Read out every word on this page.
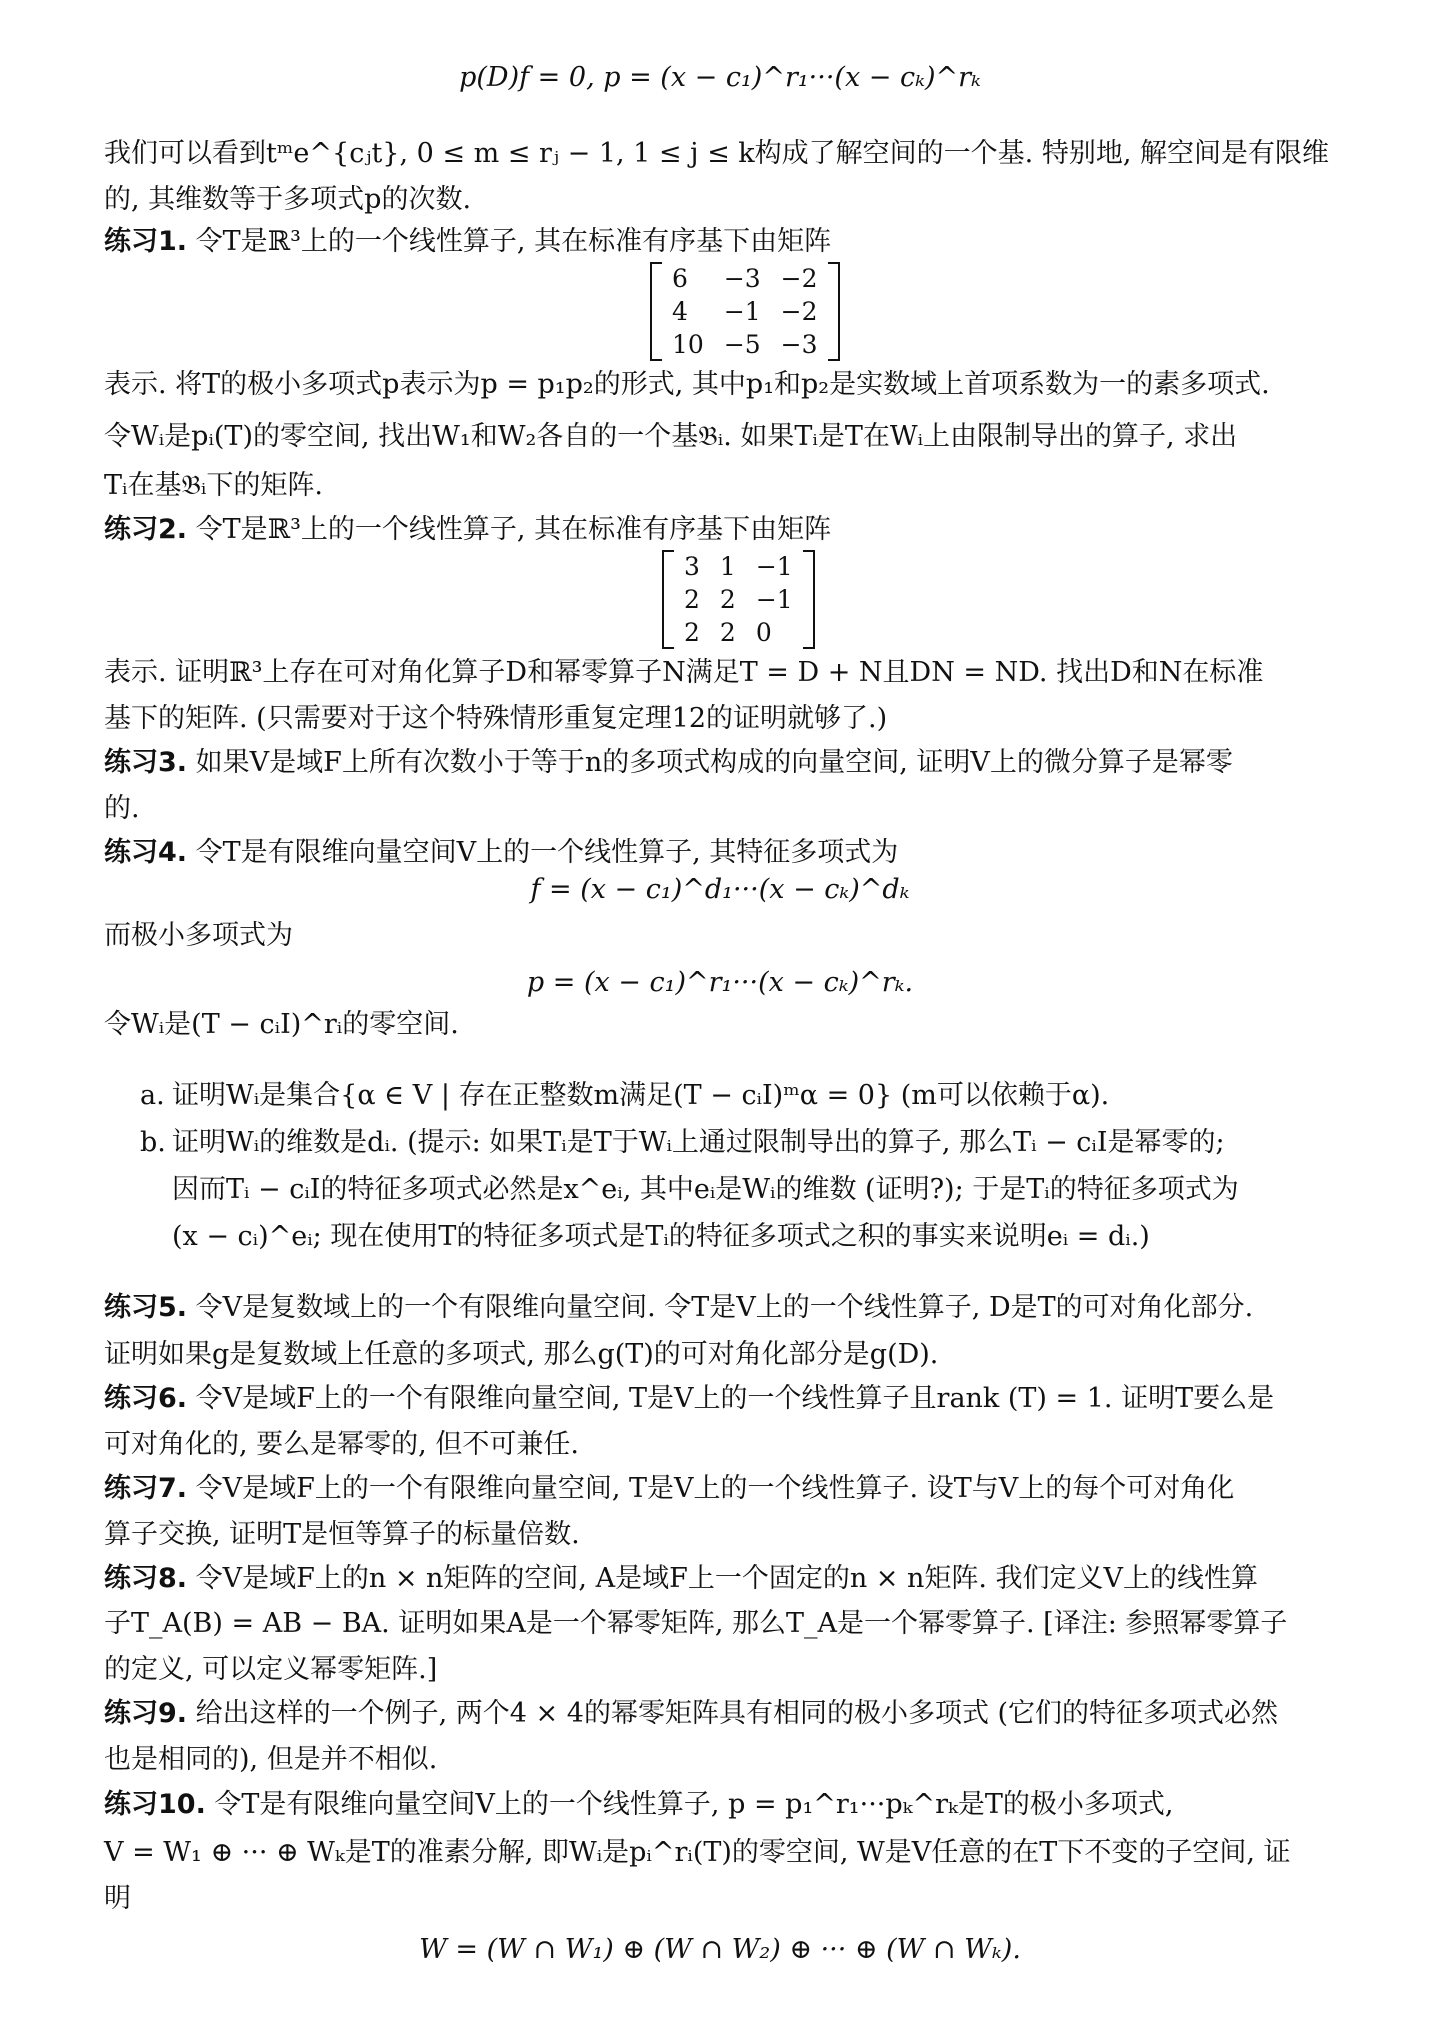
p(D)f = 0, p = (x − c₁)^r₁···(x − cₖ)^rₖ
我们可以看到tᵐe^{cⱼt}, 0 ≤ m ≤ rⱼ − 1, 1 ≤ j ≤ k构成了解空间的一个基. 特别地, 解空间是有限维
的, 其维数等于多项式p的次数.
练习1. 令T是ℝ³上的一个线性算子, 其在标准有序基下由矩阵
6	−3	−2
4	−1	−2
10	−5	−3
表示. 将T的极小多项式p表示为p = p₁p₂的形式, 其中p₁和p₂是实数域上首项系数为一的素多项式.
令Wᵢ是pᵢ(T)的零空间, 找出W₁和W₂各自的一个基𝔅ᵢ. 如果Tᵢ是T在Wᵢ上由限制导出的算子, 求出
Tᵢ在基𝔅ᵢ下的矩阵.
练习2. 令T是ℝ³上的一个线性算子, 其在标准有序基下由矩阵
3	1	−1
2	2	−1
2	2	0
表示. 证明ℝ³上存在可对角化算子D和幂零算子N满足T = D + N且DN = ND. 找出D和N在标准
基下的矩阵. (只需要对于这个特殊情形重复定理12的证明就够了.)
练习3. 如果V是域F上所有次数小于等于n的多项式构成的向量空间, 证明V上的微分算子是幂零
的.
练习4. 令T是有限维向量空间V上的一个线性算子, 其特征多项式为
f = (x − c₁)^d₁···(x − cₖ)^dₖ
而极小多项式为
p = (x − c₁)^r₁···(x − cₖ)^rₖ.
令Wᵢ是(T − cᵢI)^rᵢ的零空间.
a. 证明Wᵢ是集合{α ∈ V | 存在正整数m满足(T − cᵢI)ᵐα = 0} (m可以依赖于α).
b. 证明Wᵢ的维数是dᵢ. (提示: 如果Tᵢ是T于Wᵢ上通过限制导出的算子, 那么Tᵢ − cᵢI是幂零的;
因而Tᵢ − cᵢI的特征多项式必然是x^eᵢ, 其中eᵢ是Wᵢ的维数 (证明?); 于是Tᵢ的特征多项式为
(x − cᵢ)^eᵢ; 现在使用T的特征多项式是Tᵢ的特征多项式之积的事实来说明eᵢ = dᵢ.)
练习5. 令V是复数域上的一个有限维向量空间. 令T是V上的一个线性算子, D是T的可对角化部分.
证明如果g是复数域上任意的多项式, 那么g(T)的可对角化部分是g(D).
练习6. 令V是域F上的一个有限维向量空间, T是V上的一个线性算子且rank (T) = 1. 证明T要么是
可对角化的, 要么是幂零的, 但不可兼任.
练习7. 令V是域F上的一个有限维向量空间, T是V上的一个线性算子. 设T与V上的每个可对角化
算子交换, 证明T是恒等算子的标量倍数.
练习8. 令V是域F上的n × n矩阵的空间, A是域F上一个固定的n × n矩阵. 我们定义V上的线性算
子T_A(B) = AB − BA. 证明如果A是一个幂零矩阵, 那么T_A是一个幂零算子. [译注: 参照幂零算子
的定义, 可以定义幂零矩阵.]
练习9. 给出这样的一个例子, 两个4 × 4的幂零矩阵具有相同的极小多项式 (它们的特征多项式必然
也是相同的), 但是并不相似.
练习10. 令T是有限维向量空间V上的一个线性算子, p = p₁^r₁···pₖ^rₖ是T的极小多项式,
V = W₁ ⊕ ··· ⊕ Wₖ是T的准素分解, 即Wᵢ是pᵢ^rᵢ(T)的零空间, W是V任意的在T下不变的子空间, 证
明
W = (W ∩ W₁) ⊕ (W ∩ W₂) ⊕ ··· ⊕ (W ∩ Wₖ).
